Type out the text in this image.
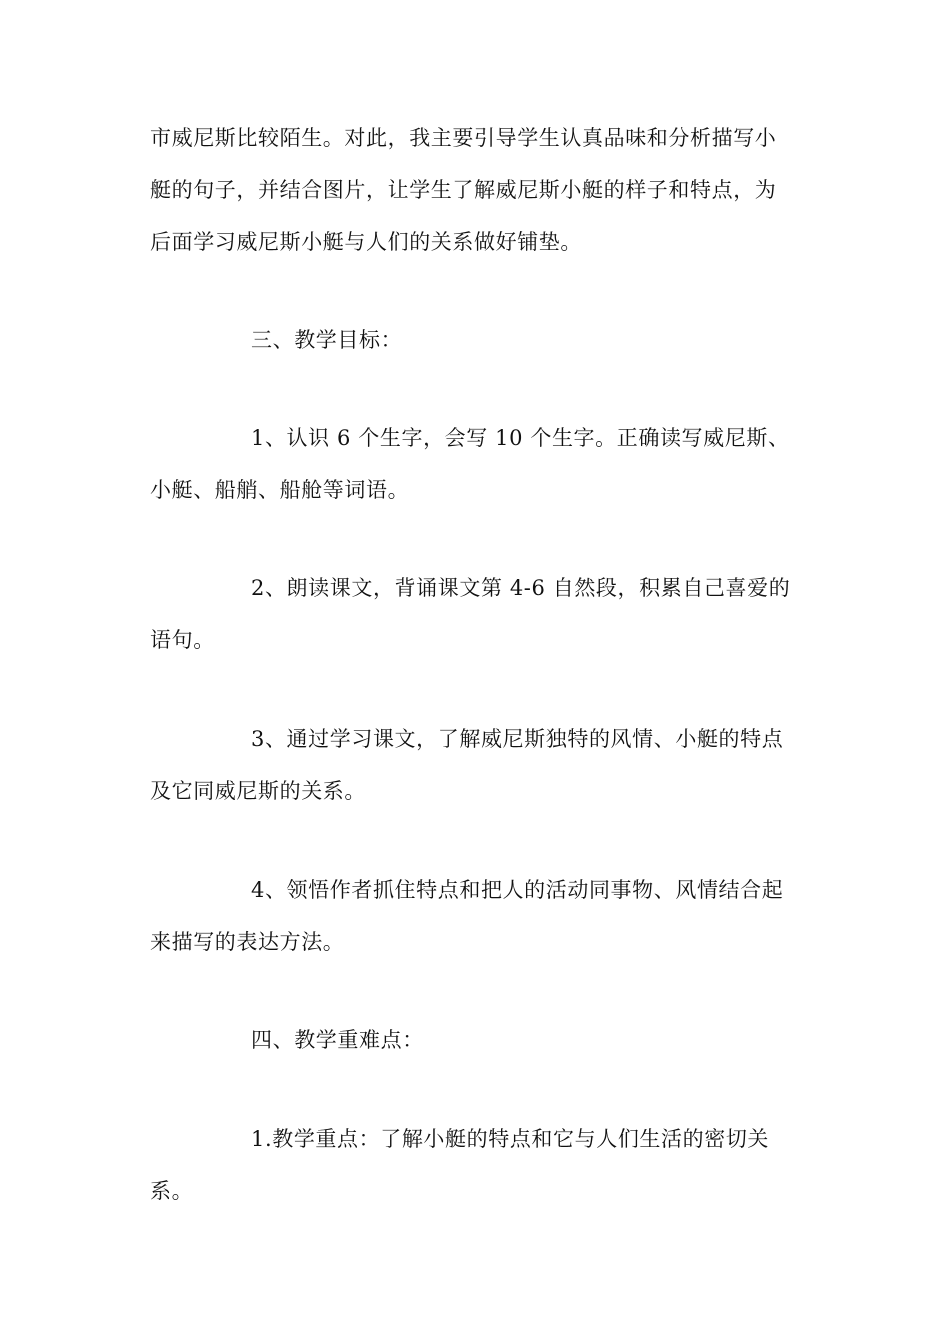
市威尼斯比较陌生。对此，我主要引导学生认真品味和分析描写小
艇的句子，并结合图片，让学生了解威尼斯小艇的样子和特点，为
后面学习威尼斯小艇与人们的关系做好铺垫。
三、教学目标：
1、认识 6 个生字，会写 10 个生字。正确读写威尼斯、
小艇、船艄、船舱等词语。
2、朗读课文，背诵课文第 4-6 自然段，积累自己喜爱的
语句。
3、通过学习课文，了解威尼斯独特的风情、小艇的特点
及它同威尼斯的关系。
4、领悟作者抓住特点和把人的活动同事物、风情结合起
来描写的表达方法。
四、教学重难点：
1.教学重点：了解小艇的特点和它与人们生活的密切关
系。
